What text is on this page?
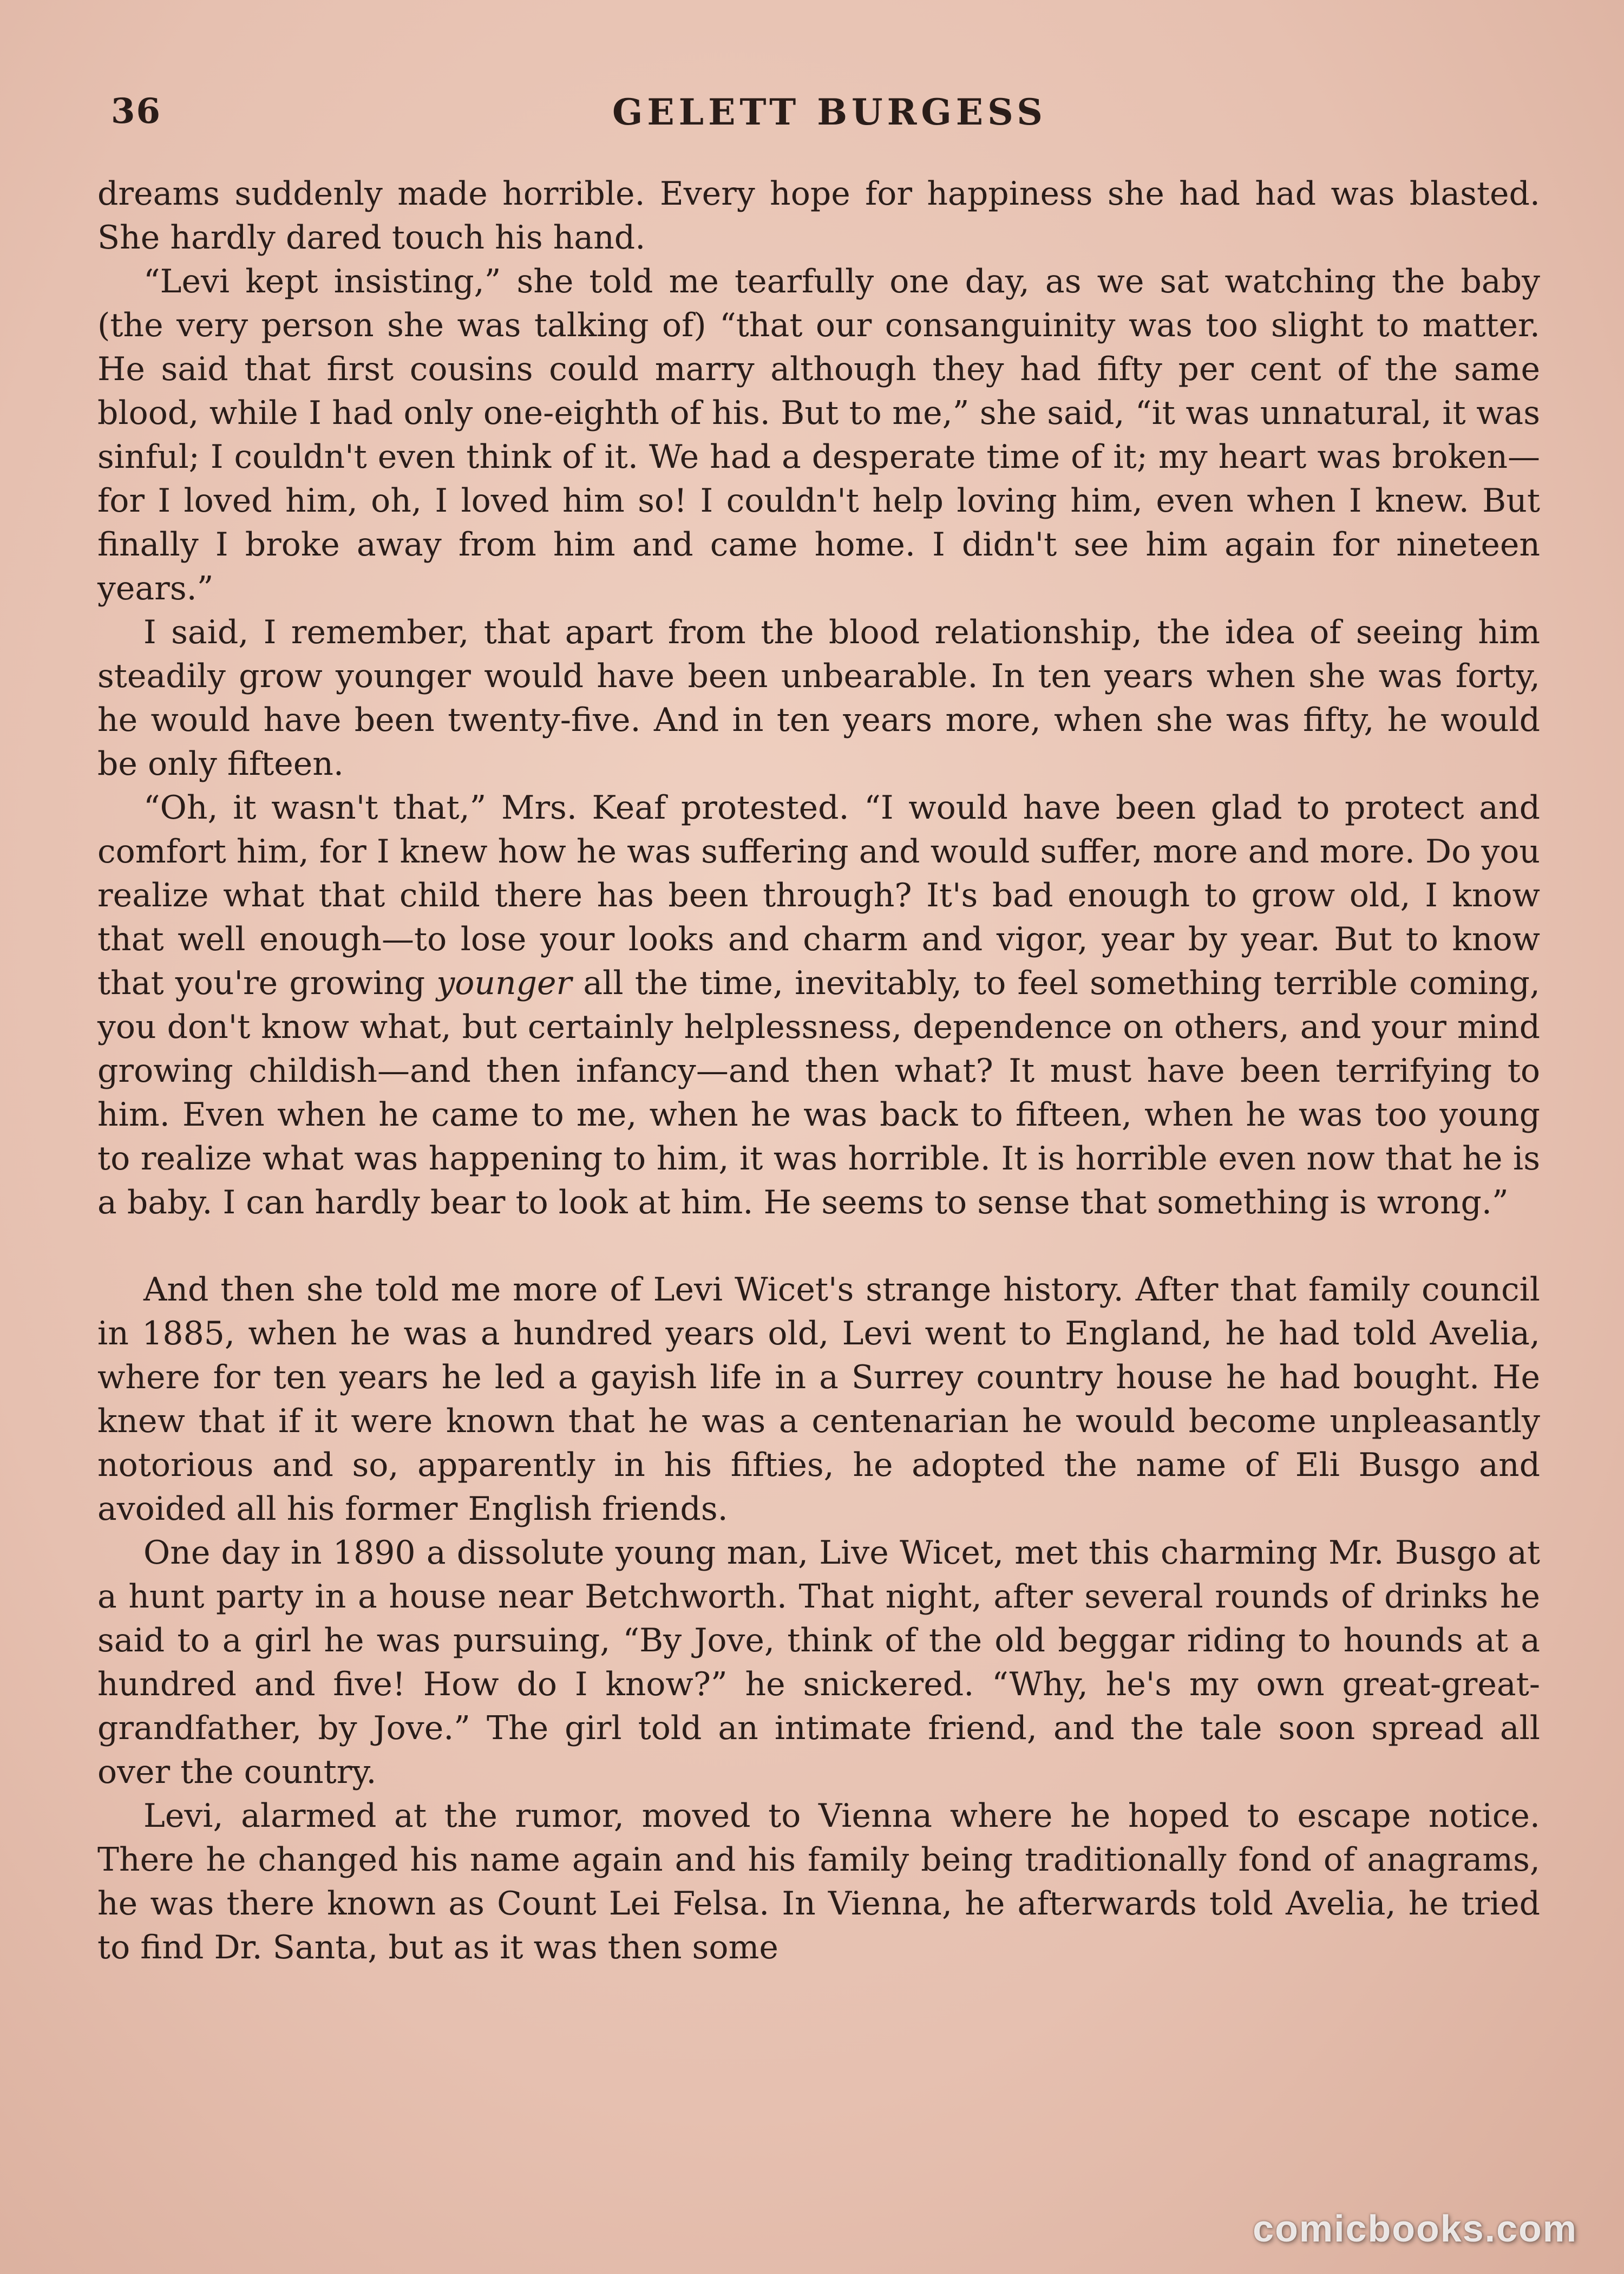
36	GELETT BURGESS

dreams suddenly made horrible. Every hope for happiness she had had was blasted. She hardly dared touch his hand.

“Levi kept insisting,” she told me tearfully one day, as we sat watching the baby (the very person she was talking of) “that our consanguinity was too slight to matter. He said that first cousins could marry although they had fifty per cent of the same blood, while I had only one-eighth of his. But to me,” she said, “it was unnatural, it was sinful; I couldn't even think of it. We had a desperate time of it; my heart was broken—for I loved him, oh, I loved him so! I couldn't help loving him, even when I knew. But finally I broke away from him and came home. I didn't see him again for nineteen years.”

I said, I remember, that apart from the blood relationship, the idea of seeing him steadily grow younger would have been unbearable. In ten years when she was forty, he would have been twenty-five. And in ten years more, when she was fifty, he would be only fifteen.

“Oh, it wasn't that,” Mrs. Keaf protested. “I would have been glad to protect and comfort him, for I knew how he was suffering and would suffer, more and more. Do you realize what that child there has been through? It's bad enough to grow old, I know that well enough—to lose your looks and charm and vigor, year by year. But to know that you're growing younger all the time, inevitably, to feel something terrible coming, you don't know what, but certainly helplessness, dependence on others, and your mind growing childish—and then infancy—and then what? It must have been terrifying to him. Even when he came to me, when he was back to fifteen, when he was too young to realize what was happening to him, it was horrible. It is horrible even now that he is a baby. I can hardly bear to look at him. He seems to sense that something is wrong.”

And then she told me more of Levi Wicet's strange history. After that family council in 1885, when he was a hundred years old, Levi went to England, he had told Avelia, where for ten years he led a gayish life in a Surrey country house he had bought. He knew that if it were known that he was a centenarian he would become unpleasantly notorious and so, apparently in his fifties, he adopted the name of Eli Busgo and avoided all his former English friends.

One day in 1890 a dissolute young man, Live Wicet, met this charming Mr. Busgo at a hunt party in a house near Betchworth. That night, after several rounds of drinks he said to a girl he was pursuing, “By Jove, think of the old beggar riding to hounds at a hundred and five! How do I know?” he snickered. “Why, he's my own great-great-grandfather, by Jove.” The girl told an intimate friend, and the tale soon spread all over the country.

Levi, alarmed at the rumor, moved to Vienna where he hoped to escape notice. There he changed his name again and his family being traditionally fond of anagrams, he was there known as Count Lei Felsa. In Vienna, he afterwards told Avelia, he tried to find Dr. Santa, but as it was then some

comicbooks.com
